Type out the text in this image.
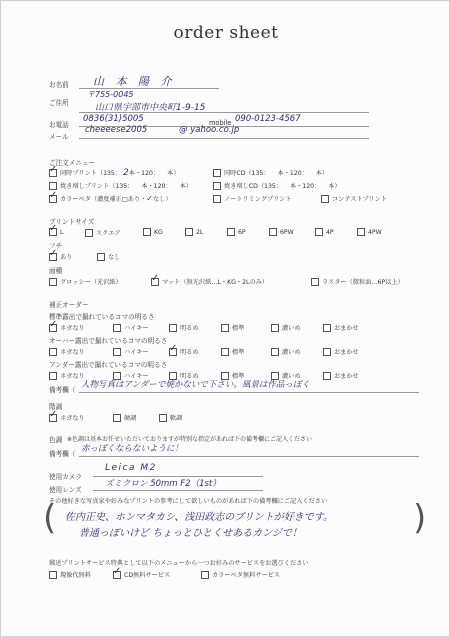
order sheet
お名前 山 本 陽 介
ご住所
〒755-0045
山口県宇部市中央町1-9-15
お電話
0836(31)5005	mobile 090-0123-4567
メール
cheeeese2005	@ yahoo.co.jp
ご注文メニュー
✓ 同時プリント（135： 2本・120： 本）	同時CD（135： 本・120： 本）
焼き増しプリント（135： 本・120： 本）	焼き増しCD（135： 本・120： 本）
✓ カラーベタ（濃度補正□あり・✓なし）	ノートリミングプリント	コンテストプリント
プリントサイズ
✓ L	スクエア	KG	2L	6P	6PW	4P	4PW
フチ
✓ あり	なし
面種
グロッシー（光沢紙）	✓ マット（無光沢紙…L・KG・2Lのみ）	ラスター（微粒面…6P以上）
補正オーダー
標準露出で撮れているコマの明るさ
✓ ネガなり	ハイキー	明るめ	標準	濃いめ	おまかせ
オーバー露出で撮れているコマの明るさ
ネガなり	ハイキー ✓ 明るめ	標準	濃いめ	おまかせ
アンダー露出で撮れているコマの明るさ
ネガなり	ハイキー	明るめ	標準	濃いめ	おまかせ
備考欄（ 人物写真はアンダーで焼かないで下さい。風景は作品っぽく
階調
✓ ネガなり	硬調	軟調
色調 ※色調は基本お任せいただいておりますが特別な指定があれば下の備考欄にご記入ください
備考欄（ 赤っぽくならないように！
使用カメラ
Leica M2
使用レンズ
ズミクロン 50mm F2（1st）
その他好きな写真家や好みなプリントの参考にして欲しいものがあれば下の備考欄にご記入ください
(	)
佐内正史、ホンマタカシ、浅田政志のプリントが好きです。
普通っぽいけど ちょっとひとくせあるカンジで！
郵送プリントサービス特典として以下のメニューから一つお好みのサービスをお選びください
現像代無料 ✓ CD無料サービス	カラーベタ無料サービス
